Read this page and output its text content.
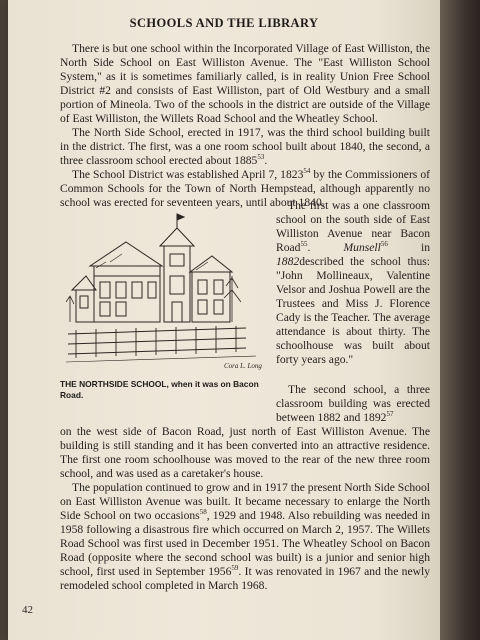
SCHOOLS AND THE LIBRARY

There is but one school within the Incorporated Village of East Williston, the North Side School on East Williston Avenue. The "East Williston School System," as it is sometimes familiarly called, is in reality Union Free School District #2 and consists of East Williston, part of Old Westbury and a small portion of Mineola. Two of the schools in the district are outside of the Village of East Williston, the Willets Road School and the Wheatley School.

The North Side School, erected in 1917, was the third school building built in the district. The first, was a one room school built about 1840, the second, a three classroom school erected about 1885$^{53}$.

The School District was established April 7, 1823$^{54}$ by the Commissioners of Common Schools for the Town of North Hempstead, although apparently no school was erected for seventeen years, until about 1840.

Cora L. Long

The first was a one classroom school on the south side of East Williston Avenue near Bacon Road$^{55}$. Munsell$^{56}$ in 1882described the school thus: "John Mollineaux, Valentine Velsor and Joshua Powell are the Trustees and Miss J. Florence Cady is the Teacher. The average attendance is about thirty. The schoolhouse was built about forty years ago."

THE NORTHSIDE SCHOOL, when it was on Bacon Road.	The second school, a three classroom building was erected between 1882 and 1892$^{57}$

on the west side of Bacon Road, just north of East Williston Avenue. The building is still standing and it has been converted into an attractive residence. The first one room schoolhouse was moved to the rear of the new three room school, and was used as a caretaker's house.

The population continued to grow and in 1917 the present North Side School on East Williston Avenue was built. It became necessary to enlarge the North Side School on two occasions$^{58}$, 1929 and 1948. Also rebuilding was needed in 1958 following a disastrous fire which occurred on March 2, 1957. The Willets Road School was first used in December 1951. The Wheatley School on Bacon Road (opposite where the second school was built) is a junior and senior high school, first used in September 1956$^{59}$. It was renovated in 1967 and the newly remodeled school completed in March 1968.

42
